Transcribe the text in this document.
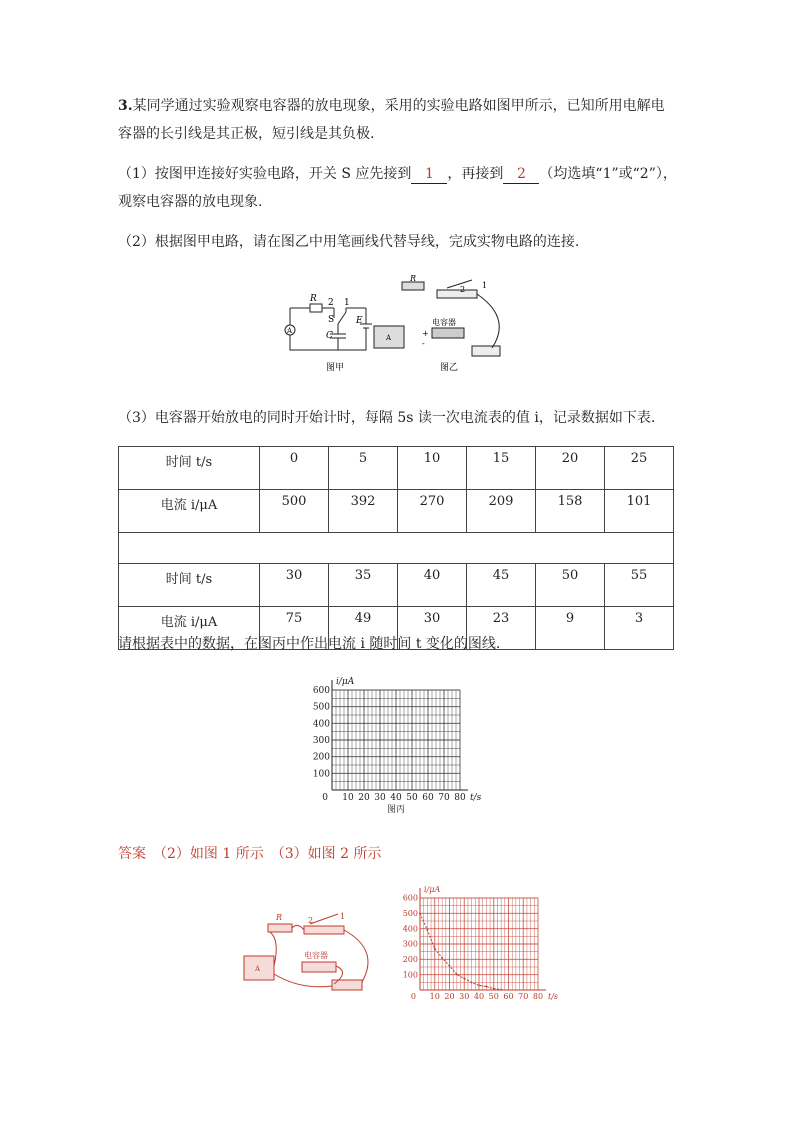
3.某同学通过实验观察电容器的放电现象，采用的实验电路如图甲所示，已知所用电解电容器的长引线是其正极，短引线是其负极.
（1）按图甲连接好实验电路，开关 S 应先接到 1 ，再接到 2 （均选填“1”或“2”），观察电容器的放电现象.
（2）根据图甲电路，请在图乙中用笔画线代替导线，完成实物电路的连接.
R 2 1
S
C
E
A
图甲
2 1
R
电容器
A	+
-
图乙
（3）电容器开始放电的同时开始计时，每隔 5s 读一次电流表的值 i，记录数据如下表.
时间 t/s	0	5	10	15	20	25
电流 i/μA	500	392	270	209	158	101

时间 t/s	30	35	40	45	50	55
电流 i/μA	75	49	30	23	9	3
请根据表中的数据，在图丙中作出电流 i 随时间 t 变化的图线.
10 20 30 40 50 60 70 80
100
200
300
400
500
600
0	t/s
i/μA
图丙
答案　 （2）如图 1 所示　（3）如图 2 所示
R	2	1
电容器
A
10 20 30 40 50 60 70 80
100
200
300
400
500
600
0	t/s
i/μA
